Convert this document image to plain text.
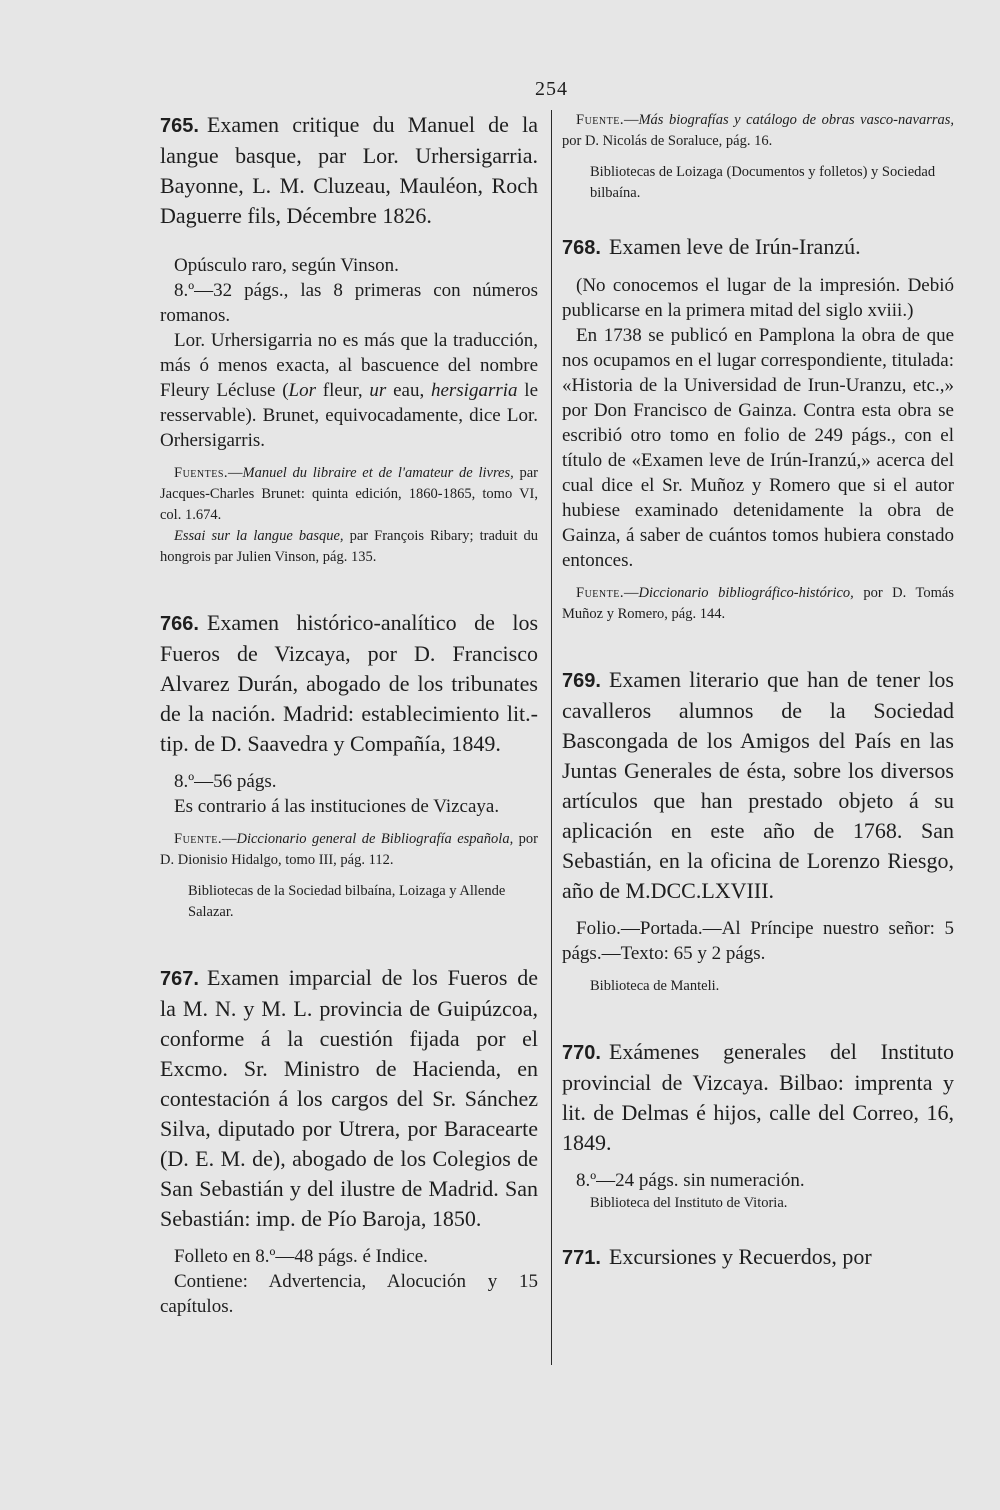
254

765. Examen critique du Manuel de la langue basque, par Lor. Urhersigarria. Bayonne, L. M. Cluzeau, Mauléon, Roch Daguerre fils, Décembre 1826.

Opúsculo raro, según Vinson.

8.º—32 págs., las 8 primeras con números romanos.

Lor. Urhersigarria no es más que la traducción, más ó menos exacta, al bascuence del nombre Fleury Lécluse (Lor fleur, ur eau, hersigarria le resservable). Brunet, equivocadamente, dice Lor. Orhersigarris.

Fuentes.—Manuel du libraire et de l'amateur de livres, par Jacques-Charles Brunet: quinta edición, 1860-1865, tomo VI, col. 1.674.

Essai sur la langue basque, par François Ribary; traduit du hongrois par Julien Vinson, pág. 135.

766. Examen histórico-analítico de los Fueros de Vizcaya, por D. Francisco Alvarez Durán, abogado de los tribunates de la nación. Madrid: establecimiento lit.-tip. de D. Saavedra y Compañía, 1849.

8.º—56 págs.

Es contrario á las instituciones de Vizcaya.

Fuente.—Diccionario general de Bibliografía española, por D. Dionisio Hidalgo, tomo III, pág. 112.

Bibliotecas de la Sociedad bilbaína, Loizaga y Allende Salazar.

767. Examen imparcial de los Fueros de la M. N. y M. L. provincia de Guipúzcoa, conforme á la cuestión fijada por el Excmo. Sr. Ministro de Hacienda, en contestación á los cargos del Sr. Sánchez Silva, diputado por Utrera, por Baracearte (D. E. M. de), abogado de los Colegios de San Sebastián y del ilustre de Madrid. San Sebastián: imp. de Pío Baroja, 1850.

Folleto en 8.º—48 págs. é Indice.

Contiene: Advertencia, Alocución y 15 capítulos.

Fuente.—Más biografías y catálogo de obras vasco-navarras, por D. Nicolás de Soraluce, pág. 16.

Bibliotecas de Loizaga (Documentos y folletos) y Sociedad bilbaína.

768. Examen leve de Irún-Iranzú.

(No conocemos el lugar de la impresión. Debió publicarse en la primera mitad del siglo xviii.)

En 1738 se publicó en Pamplona la obra de que nos ocupamos en el lugar correspondiente, titulada: «Historia de la Universidad de Irun-Uranzu, etc.,» por Don Francisco de Gainza. Contra esta obra se escribió otro tomo en folio de 249 págs., con el título de «Examen leve de Irún-Iranzú,» acerca del cual dice el Sr. Muñoz y Romero que si el autor hubiese examinado detenidamente la obra de Gainza, á saber de cuántos tomos hubiera constado entonces.

Fuente.—Diccionario bibliográfico-histórico, por D. Tomás Muñoz y Romero, pág. 144.

769. Examen literario que han de tener los cavalleros alumnos de la Sociedad Bascongada de los Amigos del País en las Juntas Generales de ésta, sobre los diversos artículos que han prestado objeto á su aplicación en este año de 1768. San Sebastián, en la oficina de Lorenzo Riesgo, año de M.DCC.LXVIII.

Folio.—Portada.—Al Príncipe nuestro señor: 5 págs.—Texto: 65 y 2 págs.

Biblioteca de Manteli.

770. Exámenes generales del Instituto provincial de Vizcaya. Bilbao: imprenta y lit. de Delmas é hijos, calle del Correo, 16, 1849.

8.º—24 págs. sin numeración.

Biblioteca del Instituto de Vitoria.

771. Excursiones y Recuerdos, por
